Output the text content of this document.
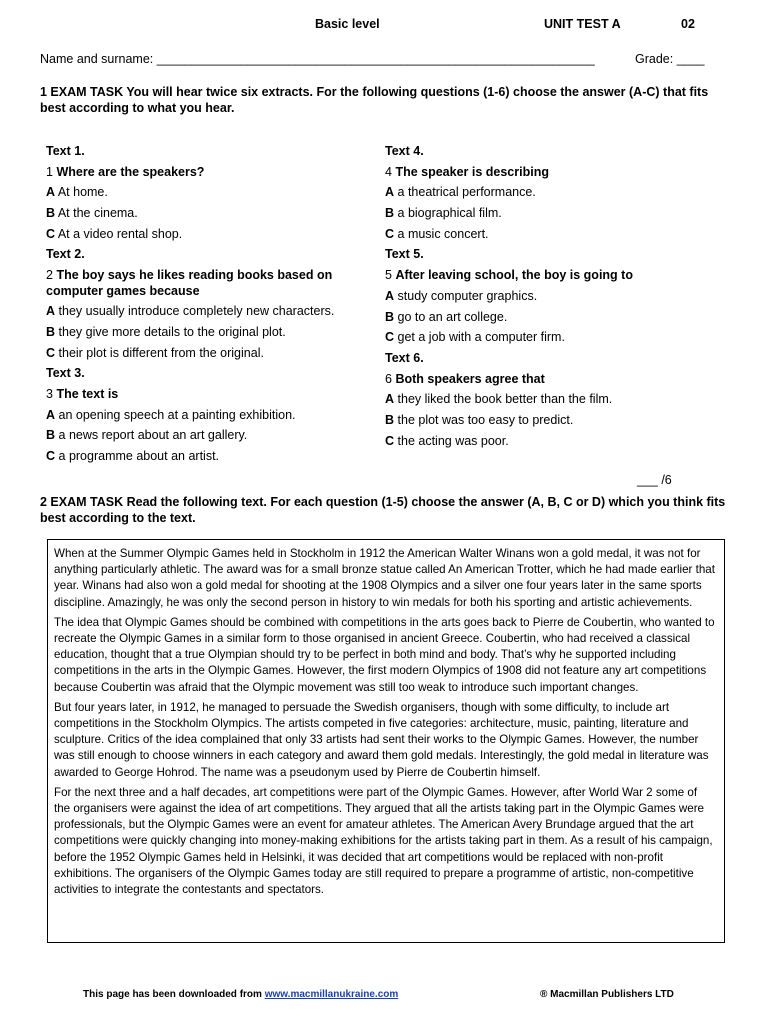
Basic level	UNIT TEST A	02
Name and surname: _______________________________________________________________	Grade: ____
1 EXAM TASK You will hear twice six extracts. For the following questions (1-6) choose the answer (A-C) that fits best according to what you hear.
Text 1.
1 Where are the speakers?
A At home.
B At the cinema.
C At a video rental shop.
Text 2.
2 The boy says he likes reading books based on computer games because
A they usually introduce completely new characters.
B they give more details to the original plot.
C their plot is different from the original.
Text 3.
3 The text is
A an opening speech at a painting exhibition.
B a news report about an art gallery.
C a programme about an artist.
Text 4.
4 The speaker is describing
A a theatrical performance.
B a biographical film.
C a music concert.
Text 5.
5 After leaving school, the boy is going to
A study computer graphics.
B go to an art college.
C get a job with a computer firm.
Text 6.
6 Both speakers agree that
A they liked the book better than the film.
B the plot was too easy to predict.
C the acting was poor.
___ /6
2 EXAM TASK Read the following text. For each question (1-5) choose the answer (A, B, C or D) which you think fits best according to the text.

When at the Summer Olympic Games held in Stockholm in 1912 the American Walter Winans won a gold medal, it was not for anything particularly athletic. The award was for a small bronze statue called An American Trotter, which he had made earlier that year. Winans had also won a gold medal for shooting at the 1908 Olympics and a silver one four years later in the same sports discipline. Amazingly, he was only the second person in history to win medals for both his sporting and artistic achievements.

The idea that Olympic Games should be combined with competitions in the arts goes back to Pierre de Coubertin, who wanted to recreate the Olympic Games in a similar form to those organised in ancient Greece. Coubertin, who had received a classical education, thought that a true Olympian should try to be perfect in both mind and body. That’s why he supported including competitions in the arts in the Olympic Games. However, the first modern Olympics of 1908 did not feature any art competitions because Coubertin was afraid that the Olympic movement was still too weak to introduce such important changes.

But four years later, in 1912, he managed to persuade the Swedish organisers, though with some difficulty, to include art competitions in the Stockholm Olympics. The artists competed in five categories: architecture, music, painting, literature and sculpture. Critics of the idea complained that only 33 artists had sent their works to the Olympic Games. However, the number was still enough to choose winners in each category and award them gold medals. Interestingly, the gold medal in literature was awarded to George Hohrod. The name was a pseudonym used by Pierre de Coubertin himself.

For the next three and a half decades, art competitions were part of the Olympic Games. However, after World War 2 some of the organisers were against the idea of art competitions. They argued that all the artists taking part in the Olympic Games were professionals, but the Olympic Games were an event for amateur athletes. The American Avery Brundage argued that the art competitions were quickly changing into money-making exhibitions for the artists taking part in them. As a result of his campaign, before the 1952 Olympic Games held in Helsinki, it was decided that art competitions would be replaced with non-profit exhibitions. The organisers of the Olympic Games today are still required to prepare a programme of artistic, non-competitive activities to integrate the contestants and spectators.

This page has been downloaded from www.macmillanukraine.com	® Macmillan Publishers LTD
